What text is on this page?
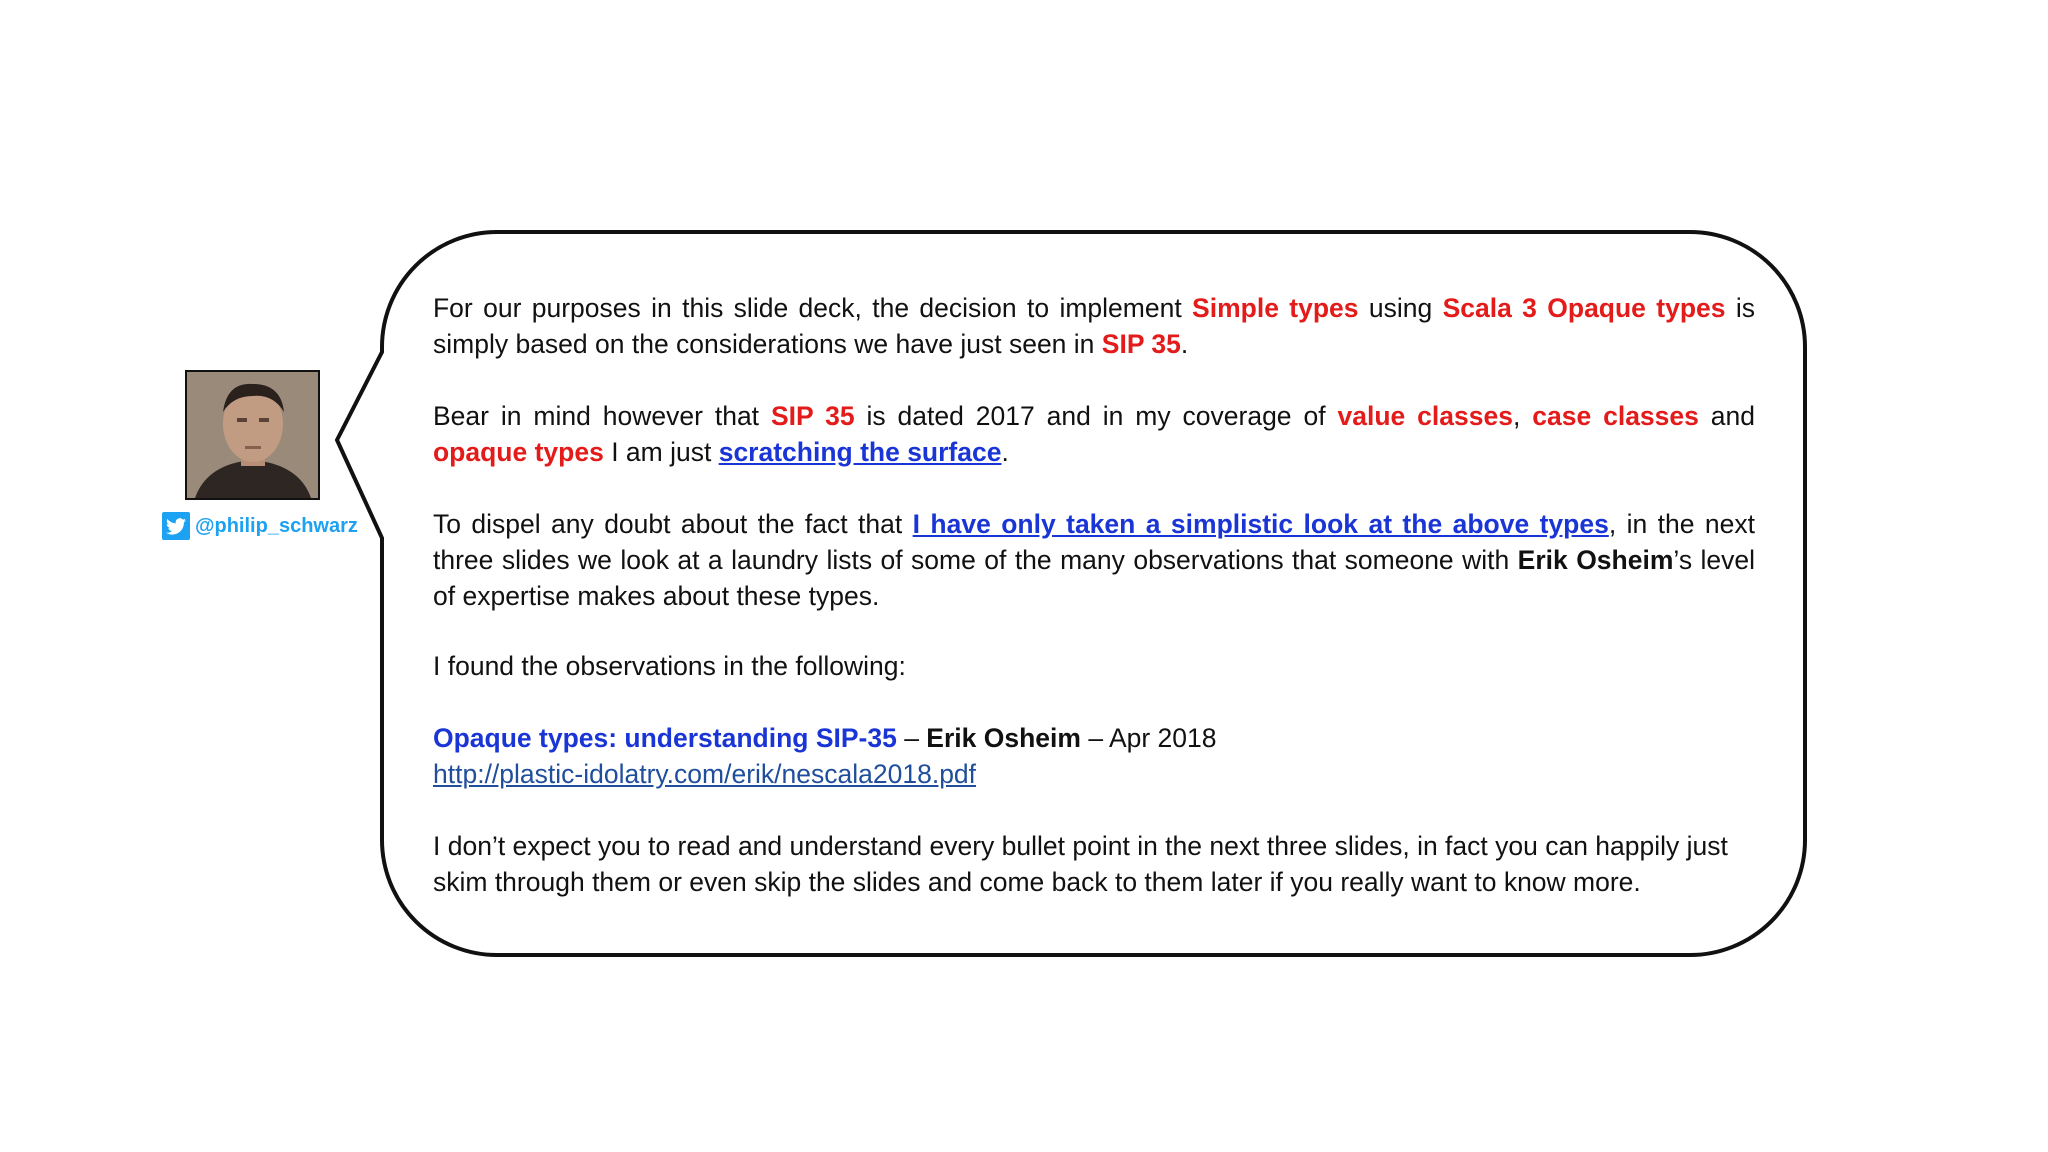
@philip_schwarz

For our purposes in this slide deck, the decision to implement Simple types using Scala 3 Opaque types is simply based on the considerations we have just seen in SIP 35.

Bear in mind however that SIP 35 is dated 2017 and in my coverage of value classes, case classes and opaque types I am just scratching the surface.

To dispel any doubt about the fact that I have only taken a simplistic look at the above types, in the next three slides we look at a laundry lists of some of the many observations that someone with Erik Osheim’s level of expertise makes about these types.

I found the observations in the following:

Opaque types: understanding SIP-35 – Erik Osheim – Apr 2018

http://plastic-idolatry.com/erik/nescala2018.pdf

I don’t expect you to read and understand every bullet point in the next three slides, in fact you can happily just skim through them or even skip the slides and come back to them later if you really want to know more.
